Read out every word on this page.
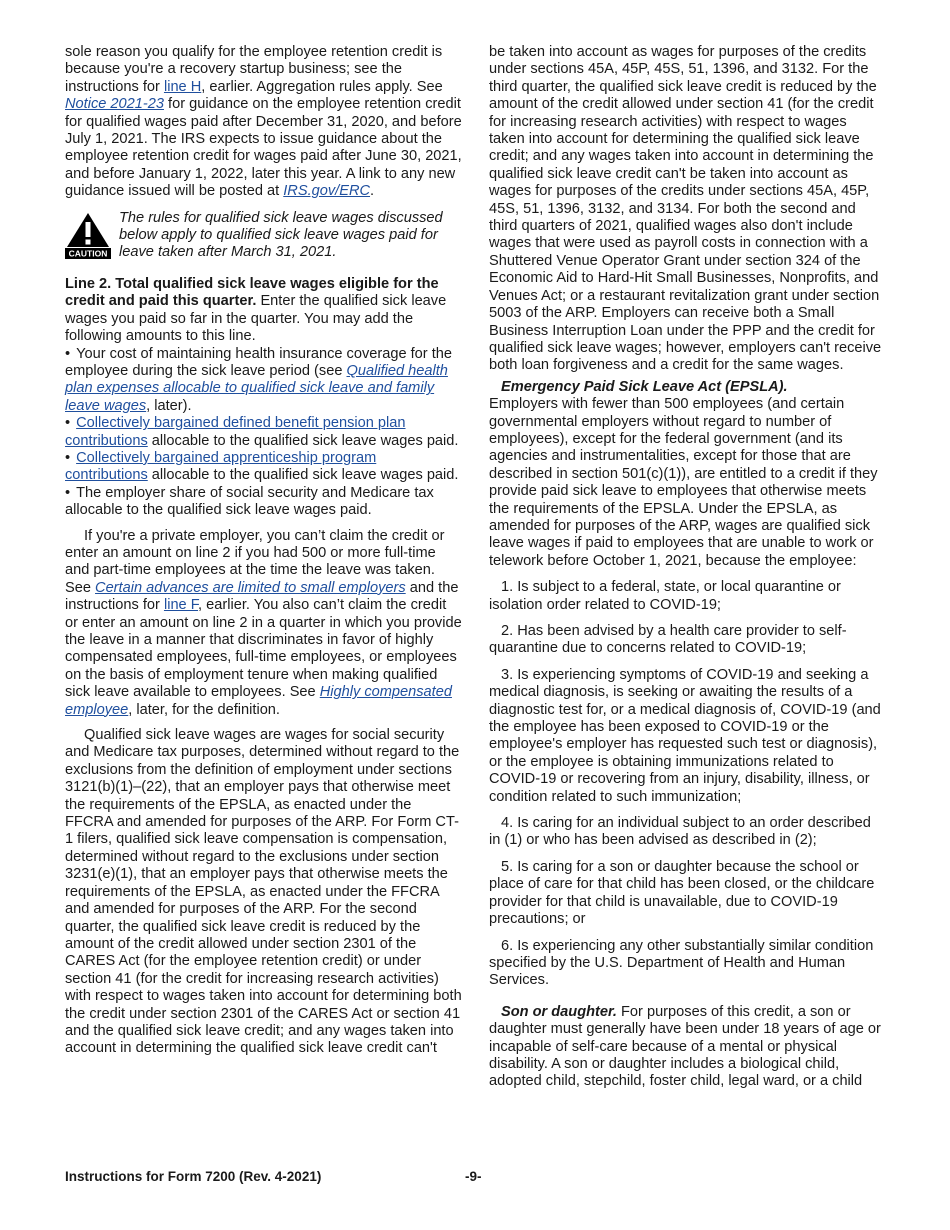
sole reason you qualify for the employee retention credit is because you're a recovery startup business; see the instructions for line H, earlier. Aggregation rules apply. See Notice 2021-23 for guidance on the employee retention credit for qualified wages paid after December 31, 2020, and before July 1, 2021. The IRS expects to issue guidance about the employee retention credit for wages paid after June 30, 2021, and before January 1, 2022, later this year. A link to any new guidance issued will be posted at IRS.gov/ERC.

CAUTION
The rules for qualified sick leave wages discussed below apply to qualified sick leave wages paid for leave taken after March 31, 2021.

Line 2. Total qualified sick leave wages eligible for the credit and paid this quarter. Enter the qualified sick leave wages you paid so far in the quarter. You may add the following amounts to this line.

• Your cost of maintaining health insurance coverage for the employee during the sick leave period (see Qualified health plan expenses allocable to qualified sick leave and family leave wages, later).

• Collectively bargained defined benefit pension plan contributions allocable to the qualified sick leave wages paid.

• Collectively bargained apprenticeship program contributions allocable to the qualified sick leave wages paid.

• The employer share of social security and Medicare tax allocable to the qualified sick leave wages paid.

If you're a private employer, you can’t claim the credit or enter an amount on line 2 if you had 500 or more full-time and part-time employees at the time the leave was taken. See Certain advances are limited to small employers and the instructions for line F, earlier. You also can’t claim the credit or enter an amount on line 2 in a quarter in which you provide the leave in a manner that discriminates in favor of highly compensated employees, full-time employees, or employees on the basis of employment tenure when making qualified sick leave available to employees. See Highly compensated employee, later, for the definition.

Qualified sick leave wages are wages for social security and Medicare tax purposes, determined without regard to the exclusions from the definition of employment under sections 3121(b)(1)–(22), that an employer pays that otherwise meet the requirements of the EPSLA, as enacted under the FFCRA and amended for purposes of the ARP. For Form CT-1 filers, qualified sick leave compensation is compensation, determined without regard to the exclusions under section 3231(e)(1), that an employer pays that otherwise meets the requirements of the EPSLA, as enacted under the FFCRA and amended for purposes of the ARP. For the second quarter, the qualified sick leave credit is reduced by the amount of the credit allowed under section 2301 of the CARES Act (for the employee retention credit) or under section 41 (for the credit for increasing research activities) with respect to wages taken into account for determining both the credit under section 2301 of the CARES Act or section 41 and the qualified sick leave credit; and any wages taken into account in determining the qualified sick leave credit can't

be taken into account as wages for purposes of the credits under sections 45A, 45P, 45S, 51, 1396, and 3132. For the third quarter, the qualified sick leave credit is reduced by the amount of the credit allowed under section 41 (for the credit for increasing research activities) with respect to wages taken into account for determining the qualified sick leave credit; and any wages taken into account in determining the qualified sick leave credit can't be taken into account as wages for purposes of the credits under sections 45A, 45P, 45S, 51, 1396, 3132, and 3134. For both the second and third quarters of 2021, qualified wages also don't include wages that were used as payroll costs in connection with a Shuttered Venue Operator Grant under section 324 of the Economic Aid to Hard-Hit Small Businesses, Nonprofits, and Venues Act; or a restaurant revitalization grant under section 5003 of the ARP. Employers can receive both a Small Business Interruption Loan under the PPP and the credit for qualified sick leave wages; however, employers can't receive both loan forgiveness and a credit for the same wages.

Emergency Paid Sick Leave Act (EPSLA).

Employers with fewer than 500 employees (and certain governmental employers without regard to number of employees), except for the federal government (and its agencies and instrumentalities, except for those that are described in section 501(c)(1)), are entitled to a credit if they provide paid sick leave to employees that otherwise meets the requirements of the EPSLA. Under the EPSLA, as amended for purposes of the ARP, wages are qualified sick leave wages if paid to employees that are unable to work or telework before October 1, 2021, because the employee:

1. Is subject to a federal, state, or local quarantine or isolation order related to COVID-19;

2. Has been advised by a health care provider to self-quarantine due to concerns related to COVID-19;

3. Is experiencing symptoms of COVID-19 and seeking a medical diagnosis, is seeking or awaiting the results of a diagnostic test for, or a medical diagnosis of, COVID-19 (and the employee has been exposed to COVID-19 or the employee's employer has requested such test or diagnosis), or the employee is obtaining immunizations related to COVID-19 or recovering from an injury, disability, illness, or condition related to such immunization;

4. Is caring for an individual subject to an order described in (1) or who has been advised as described in (2);

5. Is caring for a son or daughter because the school or place of care for that child has been closed, or the childcare provider for that child is unavailable, due to COVID-19 precautions; or

6. Is experiencing any other substantially similar condition specified by the U.S. Department of Health and Human Services.

Son or daughter. For purposes of this credit, a son or daughter must generally have been under 18 years of age or incapable of self-care because of a mental or physical disability. A son or daughter includes a biological child, adopted child, stepchild, foster child, legal ward, or a child

Instructions for Form 7200 (Rev. 4-2021)	-9-
